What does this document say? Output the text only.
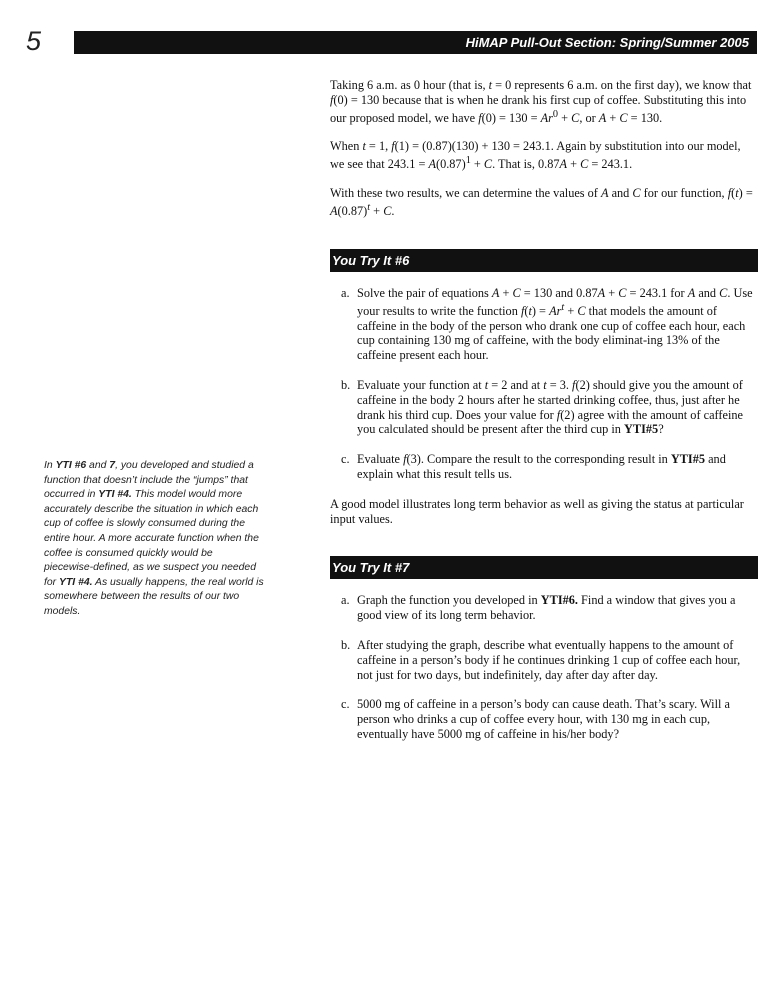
5	HiMAP Pull-Out Section: Spring/Summer 2005

Taking 6 a.m. as 0 hour (that is, t = 0 represents 6 a.m. on the first day), we know that f(0) = 130 because that is when he drank his first cup of coffee. Substituting this into our proposed model, we have $f(0) = 130 = Ar^0 + C$, or A + C = 130.

When t = 1, f(1) = (0.87)(130) + 130 = 243.1. Again by substitution into our model, we see that $243.1 = A(0.87)^1 + C$. That is, 0.87A + C = 243.1.

With these two results, we can determine the values of A and C for our function, $f(t) = A(0.87)^t + C$.

You Try It #6
a. Solve the pair of equations A + C = 130 and 0.87A + C = 243.1 for A and C. Use your results to write the function $f(t) = Ar^t + C$ that models the amount of caffeine in the body of the person who drank one cup of coffee each hour, each cup containing 130 mg of caffeine, with the body eliminat-ing 13% of the caffeine present each hour.
b. Evaluate your function at t = 2 and at t = 3. f(2) should give you the amount of caffeine in the body 2 hours after he started drinking coffee, thus, just after he drank his third cup. Does your value for f(2) agree with the amount of caffeine you calculated should be present after the third cup in YTI#5?
c. Evaluate f(3). Compare the result to the corresponding result in YTI#5 and explain what this result tells us.

A good model illustrates long term behavior as well as giving the status at particular input values.

You Try It #7
a. Graph the function you developed in YTI#6. Find a window that gives you a good view of its long term behavior.
b. After studying the graph, describe what eventually happens to the amount of caffeine in a person’s body if he continues drinking 1 cup of coffee each hour, not just for two days, but indefinitely, day after day after day.
c. 5000 mg of caffeine in a person’s body can cause death. That’s scary. Will a person who drinks a cup of coffee every hour, with 130 mg in each cup, eventually have 5000 mg of caffeine in his/her body?
In YTI #6 and 7, you developed and studied a function that doesn’t include the “jumps” that occurred in YTI #4. This model would more accurately describe the situation in which each cup of coffee is slowly consumed during the entire hour. A more accurate function when the coffee is consumed quickly would be piecewise-defined, as we suspect you needed for YTI #4. As usually happens, the real world is somewhere between the results of our two models.
